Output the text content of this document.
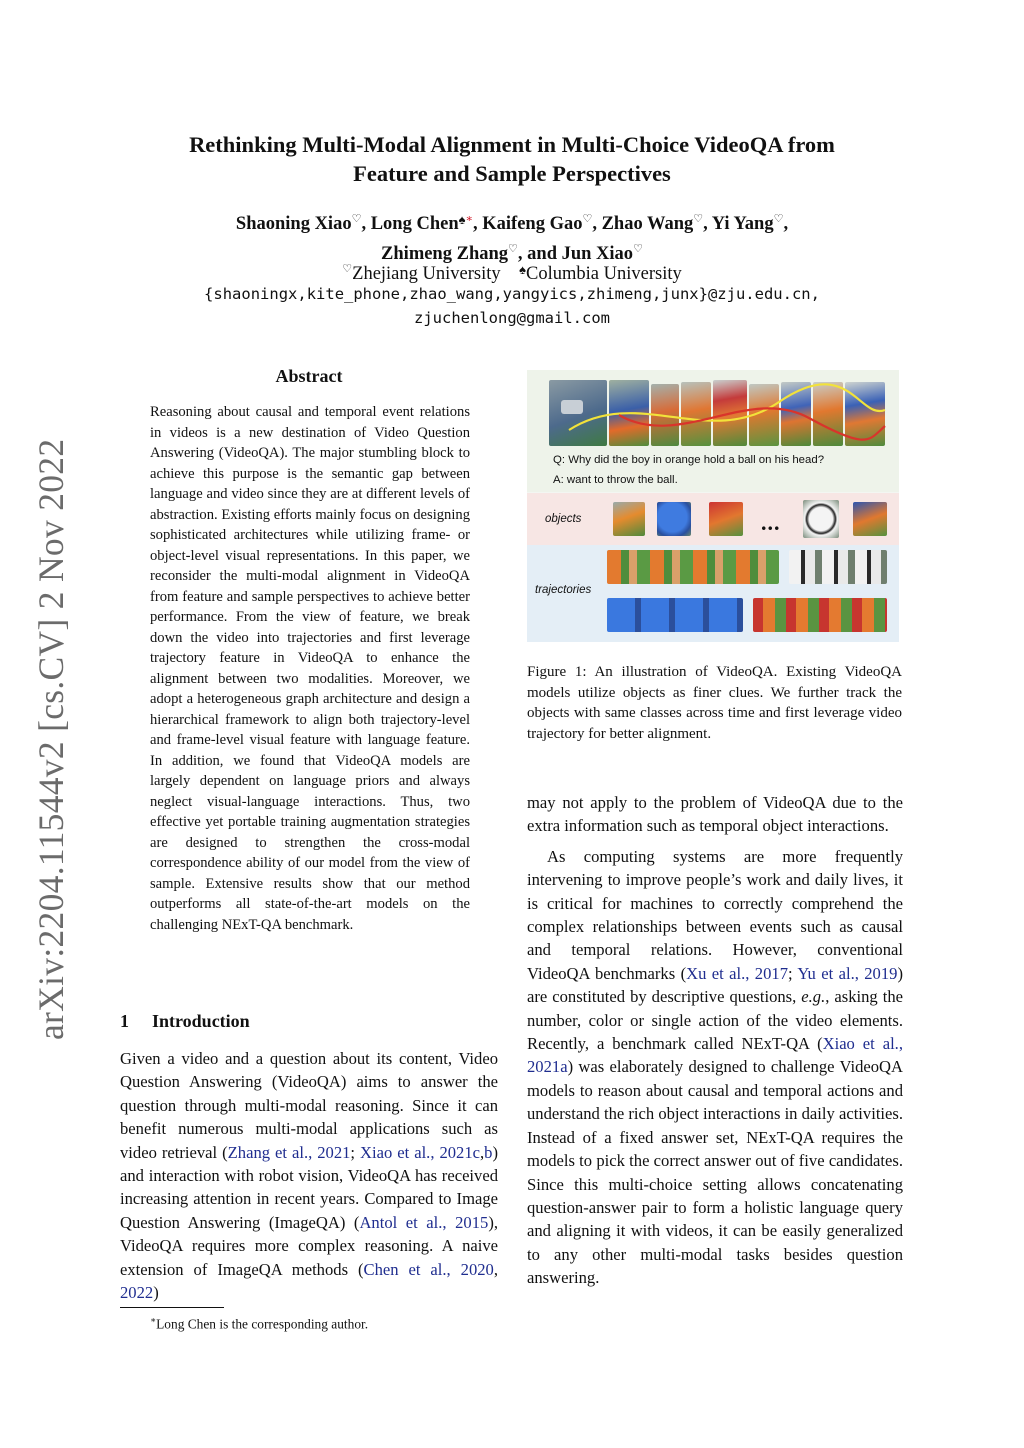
arXiv:2204.11544v2 [cs.CV] 2 Nov 2022
Rethinking Multi-Modal Alignment in Multi-Choice VideoQA from
Feature and Sample Perspectives
Shaoning Xiao♡, Long Chen♠∗, Kaifeng Gao♡, Zhao Wang♡, Yi Yang♡,
Zhimeng Zhang♡, and Jun Xiao♡
♡Zhejiang University ♠Columbia University
{shaoningx,kite_phone,zhao_wang,yangyics,zhimeng,junx}@zju.edu.cn,
zjuchenlong@gmail.com
Abstract

Reasoning about causal and temporal event relations in videos is a new destination of Video Question Answering (VideoQA). The major stumbling block to achieve this purpose is the semantic gap between language and video since they are at different levels of abstraction. Existing efforts mainly focus on designing sophisticated architectures while utilizing frame- or object-level visual representations. In this paper, we reconsider the multi-modal alignment in VideoQA from feature and sample perspectives to achieve better performance. From the view of feature, we break down the video into trajectories and first leverage trajectory feature in VideoQA to enhance the alignment between two modalities. Moreover, we adopt a heterogeneous graph architecture and design a hierarchical framework to align both trajectory-level and frame-level visual feature with language feature. In addition, we found that VideoQA models are largely dependent on language priors and always neglect visual-language interactions. Thus, two effective yet portable training augmentation strategies are designed to strengthen the cross-modal correspondence ability of our model from the view of sample. Extensive results show that our method outperforms all state-of-the-art models on the challenging NExT-QA benchmark.

1 Introduction

Given a video and a question about its content, Video Question Answering (VideoQA) aims to answer the question through multi-modal reasoning. Since it can benefit numerous multi-modal applications such as video retrieval (Zhang et al., 2021; Xiao et al., 2021c,b) and interaction with robot vision, VideoQA has received increasing attention in recent years. Compared to Image Question Answering (ImageQA) (Antol et al., 2015), VideoQA requires more complex reasoning. A naive extension of ImageQA methods (Chen et al., 2020, 2022)

∗Long Chen is the corresponding author.
Q: Why did the boy in orange hold a ball on his head?
A: want to throw the ball.
objects	...
trajectories

Figure 1: An illustration of VideoQA. Existing VideoQA models utilize objects as finer clues. We further track the objects with same classes across time and first leverage video trajectory for better alignment.

may not apply to the problem of VideoQA due to the extra information such as temporal object interactions.

As computing systems are more frequently intervening to improve people’s work and daily lives, it is critical for machines to correctly comprehend the complex relationships between events such as causal and temporal relations. However, conventional VideoQA benchmarks (Xu et al., 2017; Yu et al., 2019) are constituted by descriptive questions, e.g., asking the number, color or single action of the video elements. Recently, a benchmark called NExT-QA (Xiao et al., 2021a) was elaborately designed to challenge VideoQA models to reason about causal and temporal actions and understand the rich object interactions in daily activities. Instead of a fixed answer set, NExT-QA requires the models to pick the correct answer out of five candidates. Since this multi-choice setting allows concatenating question-answer pair to form a holistic language query and aligning it with videos, it can be easily generalized to any other multi-modal tasks besides question answering.
